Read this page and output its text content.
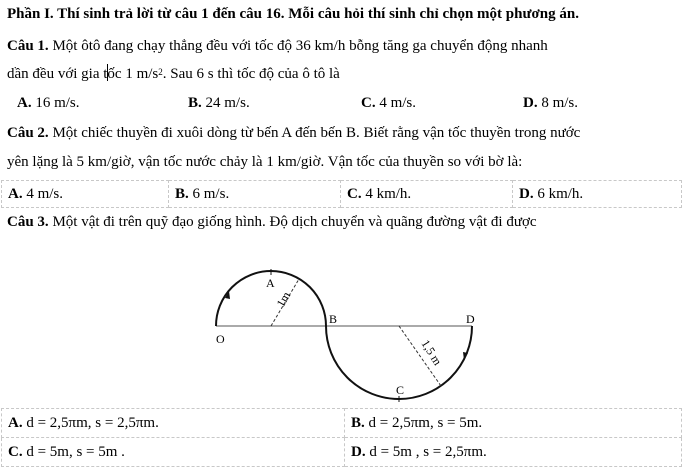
Phần I. Thí sinh trả lời từ câu 1 đến câu 16. Mỗi câu hỏi thí sinh chỉ chọn một phương án.
Câu 1. Một ôtô đang chạy thẳng đều với tốc độ 36 km/h bỗng tăng ga chuyển động nhanh
dần đều với gia tốc 1 $m/s^2$. Sau 6 s thì tốc độ của ô tô là
A. 16 m/s.	B. 24 m/s.	C. 4 m/s.	D. 8 m/s.
Câu 2. Một chiếc thuyền đi xuôi dòng từ bến A đến bến B. Biết rằng vận tốc thuyền trong nước
yên lặng là 5 km/giờ, vận tốc nước chảy là 1 km/giờ. Vận tốc của thuyền so với bờ là:
A. 4 m/s.	B. 6 m/s.	C. 4 km/h.	D. 6 km/h.
Câu 3. Một vật đi trên quỹ đạo giống hình. Độ dịch chuyển và quãng đường vật đi được
A
O
B	D
C
1m
1,5 m
A. d = 2,5πm, s = 2,5πm.	B. d = 2,5πm, s = 5m.
C. d = 5m, s = 5m .	D. d = 5m , s = 2,5πm.
